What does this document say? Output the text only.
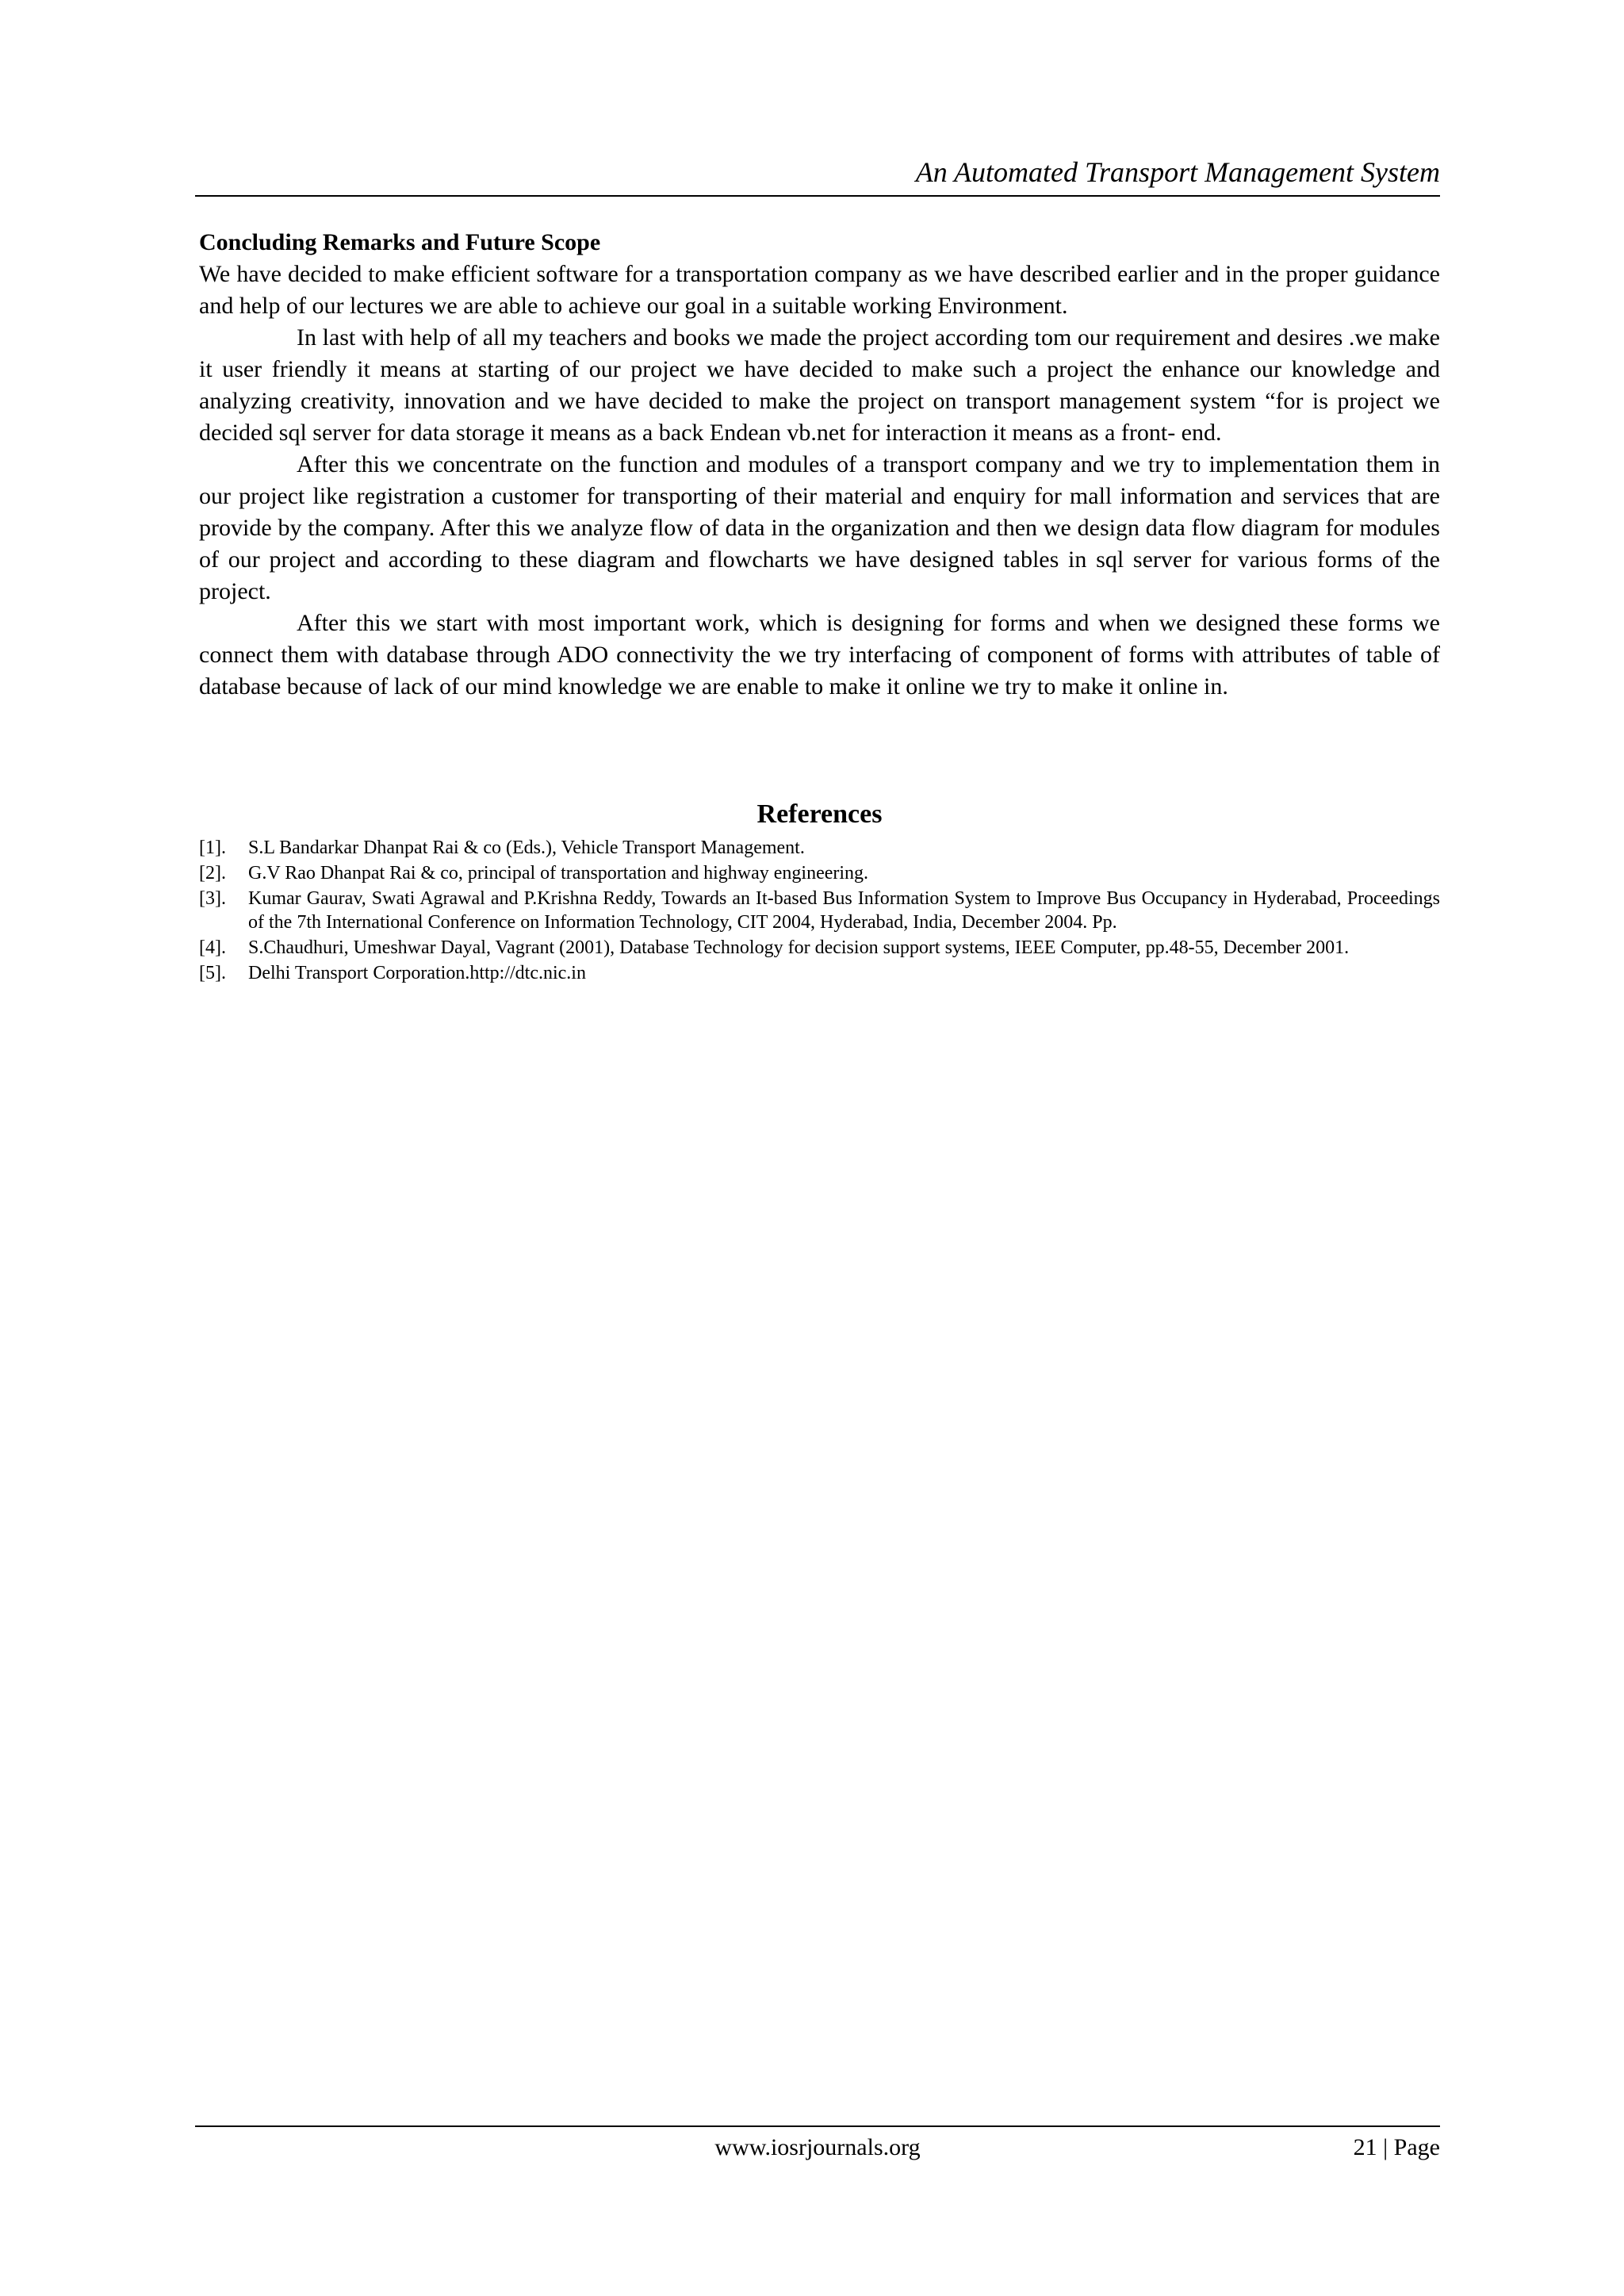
An Automated Transport Management System
Concluding Remarks and Future Scope

We have decided to make efficient software for a transportation company as we have described earlier and in the proper guidance and help of our lectures we are able to achieve our goal in a suitable working Environment.

In last with help of all my teachers and books we made the project according tom our requirement and desires .we make it user friendly it means at starting of our project we have decided to make such a project the enhance our knowledge and analyzing creativity, innovation and we have decided to make the project on transport management system “for is project we decided sql server for data storage it means as a back Endean vb.net for interaction it means as a front- end.

After this we concentrate on the function and modules of a transport company and we try to implementation them in our project like registration a customer for transporting of their material and enquiry for mall information and services that are provide by the company. After this we analyze flow of data in the organization and then we design data flow diagram for modules of our project and according to these diagram and flowcharts we have designed tables in sql server for various forms of the project.

After this we start with most important work, which is designing for forms and when we designed these forms we connect them with database through ADO connectivity the we try interfacing of component of forms with attributes of table of database because of lack of our mind knowledge we are enable to make it online we try to make it online in.

References
[1].	S.L Bandarkar Dhanpat Rai & co (Eds.), Vehicle Transport Management.
[2].	G.V Rao Dhanpat Rai & co, principal of transportation and highway engineering.
[3].	Kumar Gaurav, Swati Agrawal and P.Krishna Reddy, Towards an It-based Bus Information System to Improve Bus Occupancy in Hyderabad, Proceedings of the 7th International Conference on Information Technology, CIT 2004, Hyderabad, India, December 2004. Pp.
[4].	S.Chaudhuri, Umeshwar Dayal, Vagrant (2001), Database Technology for decision support systems, IEEE Computer, pp.48-55, December 2001.
[5].	Delhi Transport Corporation.http://dtc.nic.in
www.iosrjournals.org	21 | Page
